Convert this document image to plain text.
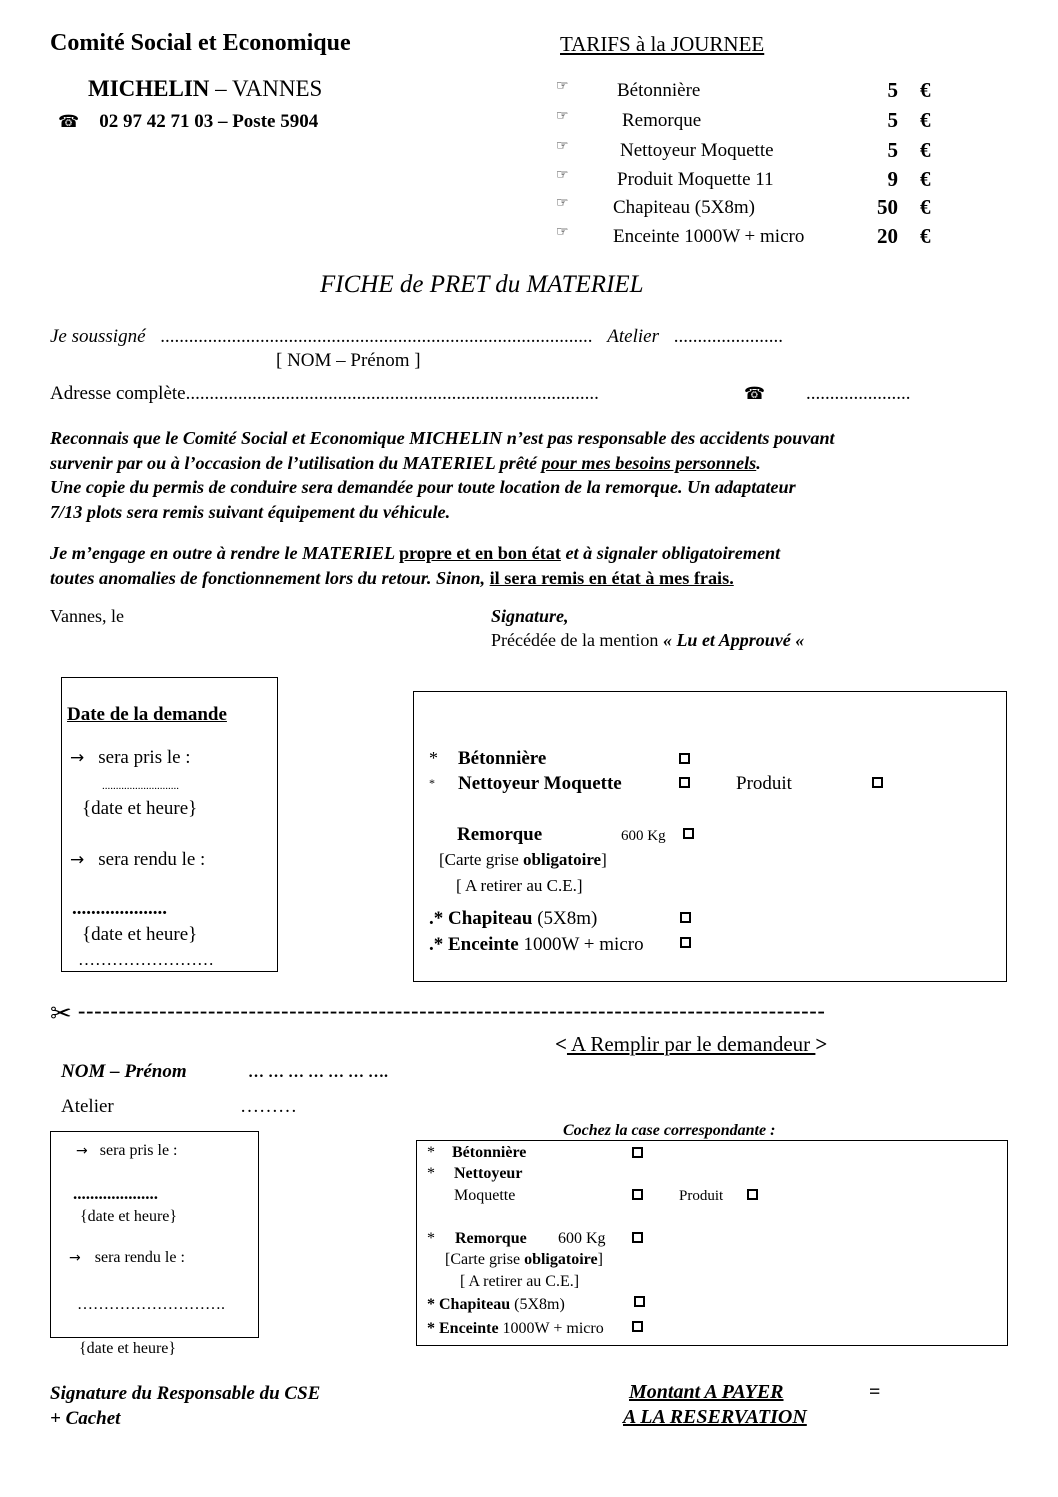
Comité Social et Economique
MICHELIN – VANNES
☎ 02 97 42 71 03 – Poste 5904
TARIFS à la JOURNEE
☞	Bétonnière	5 €
☞	Remorque	5 €
☞	Nettoyeur Moquette	5 €
☞	Produit Moquette 11	9 €
☞ Chapiteau (5X8m)	50 €
☞ Enceinte 1000W + micro	20 €
FICHE de PRET du MATERIEL
Je soussigné ........................................................................................... Atelier .......................
[ NOM – Prénom ]
Adresse complète.......................................................................................	☎ ......................
Reconnais que le Comité Social et Economique MICHELIN n’est pas responsable des accidents pouvant
survenir par ou à l’occasion de l’utilisation du MATERIEL prêté pour mes besoins personnels.
Une copie du permis de conduire sera demandée pour toute location de la remorque. Un adaptateur
7/13 plots sera remis suivant équipement du véhicule.
Je m’engage en outre à rendre le MATERIEL propre et en bon état et à signaler obligatoirement
toutes anomalies de fonctionnement lors du retour. Sinon, il sera remis en état à mes frais.
Vannes, le	Signature,
Précédée de la mention « Lu et Approuvé «
Date de la demande
→ sera pris le :
............................
{date et heure}
→ sera rendu le :
....................
{date et heure}
……………………
* Bétonnière
* Nettoyeur Moquette	Produit
Remorque	600 Kg
[Carte grise obligatoire]
[ A retirer au C.E.]
.* Chapiteau (5X8m)
.* Enceinte 1000W + micro
✂ --------------------------------------------------------------------------------------------
< A Remplir par le demandeur >
NOM – Prénom	… … … … … … ….
Atelier	………
Cochez la case correspondante :
→ sera pris le :
....................
{date et heure}
→ sera rendu le :
……………………….
{date et heure}
* Bétonnière
* Nettoyeur
Moquette	Produit
* Remorque 600 Kg
[Carte grise obligatoire]
[ A retirer au C.E.]
* Chapiteau (5X8m)
* Enceinte 1000W + micro
Signature du Responsable du CSE
+ Cachet
Montant A PAYER	=
A LA RESERVATION
